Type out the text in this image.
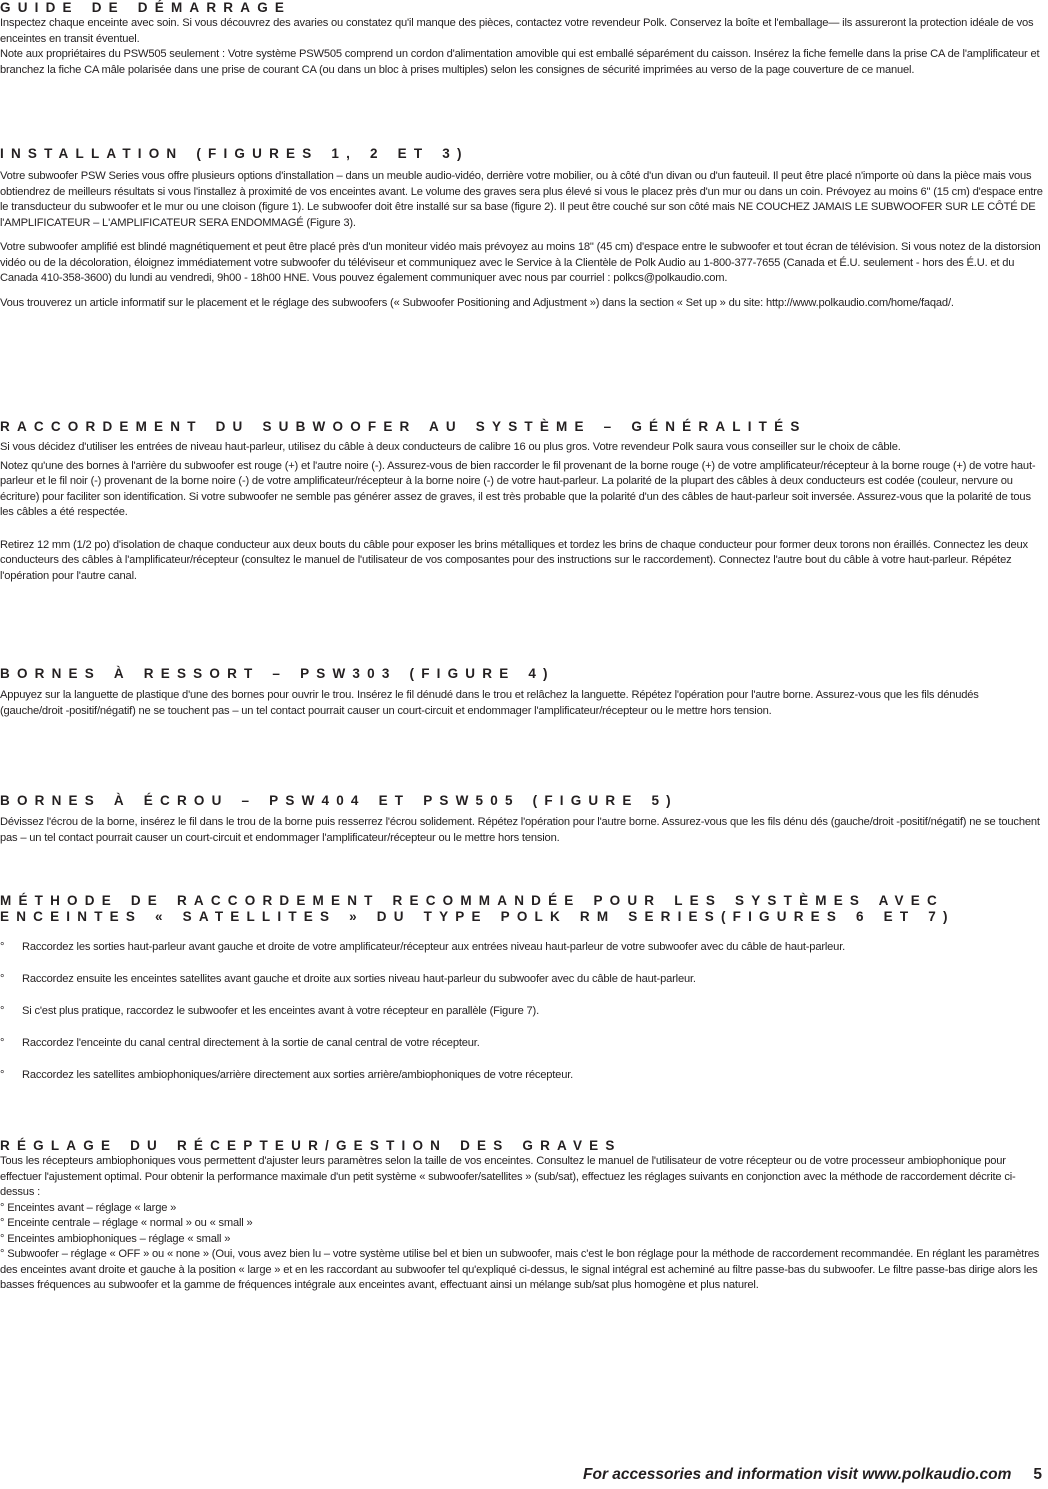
GUIDE DE DÉMARRAGE

Inspectez chaque enceinte avec soin. Si vous découvrez des avaries ou constatez qu'il manque des pièces, contactez votre revendeur Polk. Conservez la boîte et l'emballage— ils assureront la protection idéale de vos enceintes en transit éventuel.

Note aux propriétaires du PSW505 seulement : Votre système PSW505 comprend un cordon d'alimentation amovible qui est emballé séparément du caisson. Insérez la fiche femelle dans la prise CA de l'amplificateur et branchez la fiche CA mâle polarisée dans une prise de courant CA (ou dans un bloc à prises multiples) selon les consignes de sécurité imprimées au verso de la page couverture de ce manuel.

INSTALLATION (FIGURES 1, 2 ET 3)

Votre subwoofer PSW Series vous offre plusieurs options d'installation – dans un meuble audio-vidéo, derrière votre mobilier, ou à côté d'un divan ou d'un fauteuil. Il peut être placé n'importe où dans la pièce mais vous obtiendrez de meilleurs résultats si vous l'installez à proximité de vos enceintes avant. Le volume des graves sera plus élevé si vous le placez près d'un mur ou dans un coin. Prévoyez au moins 6" (15 cm) d'espace entre le transducteur du subwoofer et le mur ou une cloison (figure 1). Le subwoofer doit être installé sur sa base (figure 2). Il peut être couché sur son côté mais NE COUCHEZ JAMAIS LE SUBWOOFER SUR LE CÔTÉ DE l'AMPLIFICATEUR – L'AMPLIFICATEUR SERA ENDOMMAGÉ (Figure 3).

Votre subwoofer amplifié est blindé magnétiquement et peut être placé près d'un moniteur vidéo mais prévoyez au moins 18" (45 cm) d'espace entre le subwoofer et tout écran de télévision. Si vous notez de la distorsion vidéo ou de la décoloration, éloignez immédiatement votre subwoofer du téléviseur et communiquez avec le Service à la Clientèle de Polk Audio au 1-800-377-7655 (Canada et É.U. seulement - hors des É.U. et du Canada 410-358-3600) du lundi au vendredi, 9h00 - 18h00 HNE. Vous pouvez également communiquer avec nous par courriel : polkcs@polkaudio.com.

Vous trouverez un article informatif sur le placement et le réglage des subwoofers (« Subwoofer Positioning and Adjustment ») dans la section « Set up » du site: http://www.polkaudio.com/home/faqad/.

RACCORDEMENT DU SUBWOOFER AU SYSTÈME – GÉNÉRALITÉS

Si vous décidez d'utiliser les entrées de niveau haut-parleur, utilisez du câble à deux conducteurs de calibre 16 ou plus gros. Votre revendeur Polk saura vous conseiller sur le choix de câble.

Notez qu'une des bornes à l'arrière du subwoofer est rouge (+) et l'autre noire (-). Assurez-vous de bien raccorder le fil provenant de la borne rouge (+) de votre amplificateur/récepteur à la borne rouge (+) de votre haut-parleur et le fil noir (-) provenant de la borne noire (-) de votre amplificateur/récepteur à la borne noire (-) de votre haut-parleur. La polarité de la plupart des câbles à deux conducteurs est codée (couleur, nervure ou écriture) pour faciliter son identification. Si votre subwoofer ne semble pas générer assez de graves, il est très probable que la polarité d'un des câbles de haut-parleur soit inversée. Assurez-vous que la polarité de tous les câbles a été respectée.

Retirez 12 mm (1/2 po) d'isolation de chaque conducteur aux deux bouts du câble pour exposer les brins métalliques et tordez les brins de chaque conducteur pour former deux torons non éraillés. Connectez les deux conducteurs des câbles à l'amplificateur/récepteur (consultez le manuel de l'utilisateur de vos composantes pour des instructions sur le raccordement). Connectez l'autre bout du câble à votre haut-parleur. Répétez l'opération pour l'autre canal.

BORNES À RESSORT – PSW303 (FIGURE 4)

Appuyez sur la languette de plastique d'une des bornes pour ouvrir le trou. Insérez le fil dénudé dans le trou et relâchez la languette. Répétez l'opération pour l'autre borne. Assurez-vous que les fils dénudés (gauche/droit -positif/négatif) ne se touchent pas – un tel contact pourrait causer un court-circuit et endommager l'amplificateur/récepteur ou le mettre hors tension.

BORNES À ÉCROU – PSW404 ET PSW505 (FIGURE 5)

Dévissez l'écrou de la borne, insérez le fil dans le trou de la borne puis resserrez l'écrou solidement. Répétez l'opération pour l'autre borne. Assurez-vous que les fils dénu dés (gauche/droit -positif/négatif) ne se touchent pas – un tel contact pourrait causer un court-circuit et endommager l'amplificateur/récepteur ou le mettre hors tension.

MÉTHODE DE RACCORDEMENT RECOMMANDÉE POUR LES SYSTÈMES AVEC ENCEINTES « SATELLITES » DU TYPE POLK RM SERIES(FIGURES 6 ET 7)
° Raccordez les sorties haut-parleur avant gauche et droite de votre amplificateur/récepteur aux entrées niveau haut-parleur de votre subwoofer avec du câble de haut-parleur.
° Raccordez ensuite les enceintes satellites avant gauche et droite aux sorties niveau haut-parleur du subwoofer avec du câble de haut-parleur.
° Si c'est plus pratique, raccordez le subwoofer et les enceintes avant à votre récepteur en parallèle (Figure 7).
° Raccordez l'enceinte du canal central directement à la sortie de canal central de votre récepteur.
° Raccordez les satellites ambiophoniques/arrière directement aux sorties arrière/ambiophoniques de votre récepteur.
RÉGLAGE DU RÉCEPTEUR/GESTION DES GRAVES

Tous les récepteurs ambiophoniques vous permettent d'ajuster leurs paramètres selon la taille de vos enceintes. Consultez le manuel de l'utilisateur de votre récepteur ou de votre processeur ambiophonique pour effectuer l'ajustement optimal. Pour obtenir la performance maximale d'un petit système « subwoofer/satellites » (sub/sat), effectuez les réglages suivants en conjonction avec la méthode de raccordement décrite ci-dessus :

° Enceintes avant – réglage « large »

° Enceinte centrale – réglage « normal » ou « small »

° Enceintes ambiophoniques – réglage « small »

° Subwoofer – réglage « OFF » ou « none » (Oui, vous avez bien lu – votre système utilise bel et bien un subwoofer, mais c'est le bon réglage pour la méthode de raccordement recommandée. En réglant les paramètres des enceintes avant droite et gauche à la position « large » et en les raccordant au subwoofer tel qu'expliqué ci-dessus, le signal intégral est acheminé au filtre passe-bas du subwoofer. Le filtre passe-bas dirige alors les basses fréquences au subwoofer et la gamme de fréquences intégrale aux enceintes avant, effectuant ainsi un mélange sub/sat plus homogène et plus naturel.

For accessories and information visit www.polkaudio.com 5
